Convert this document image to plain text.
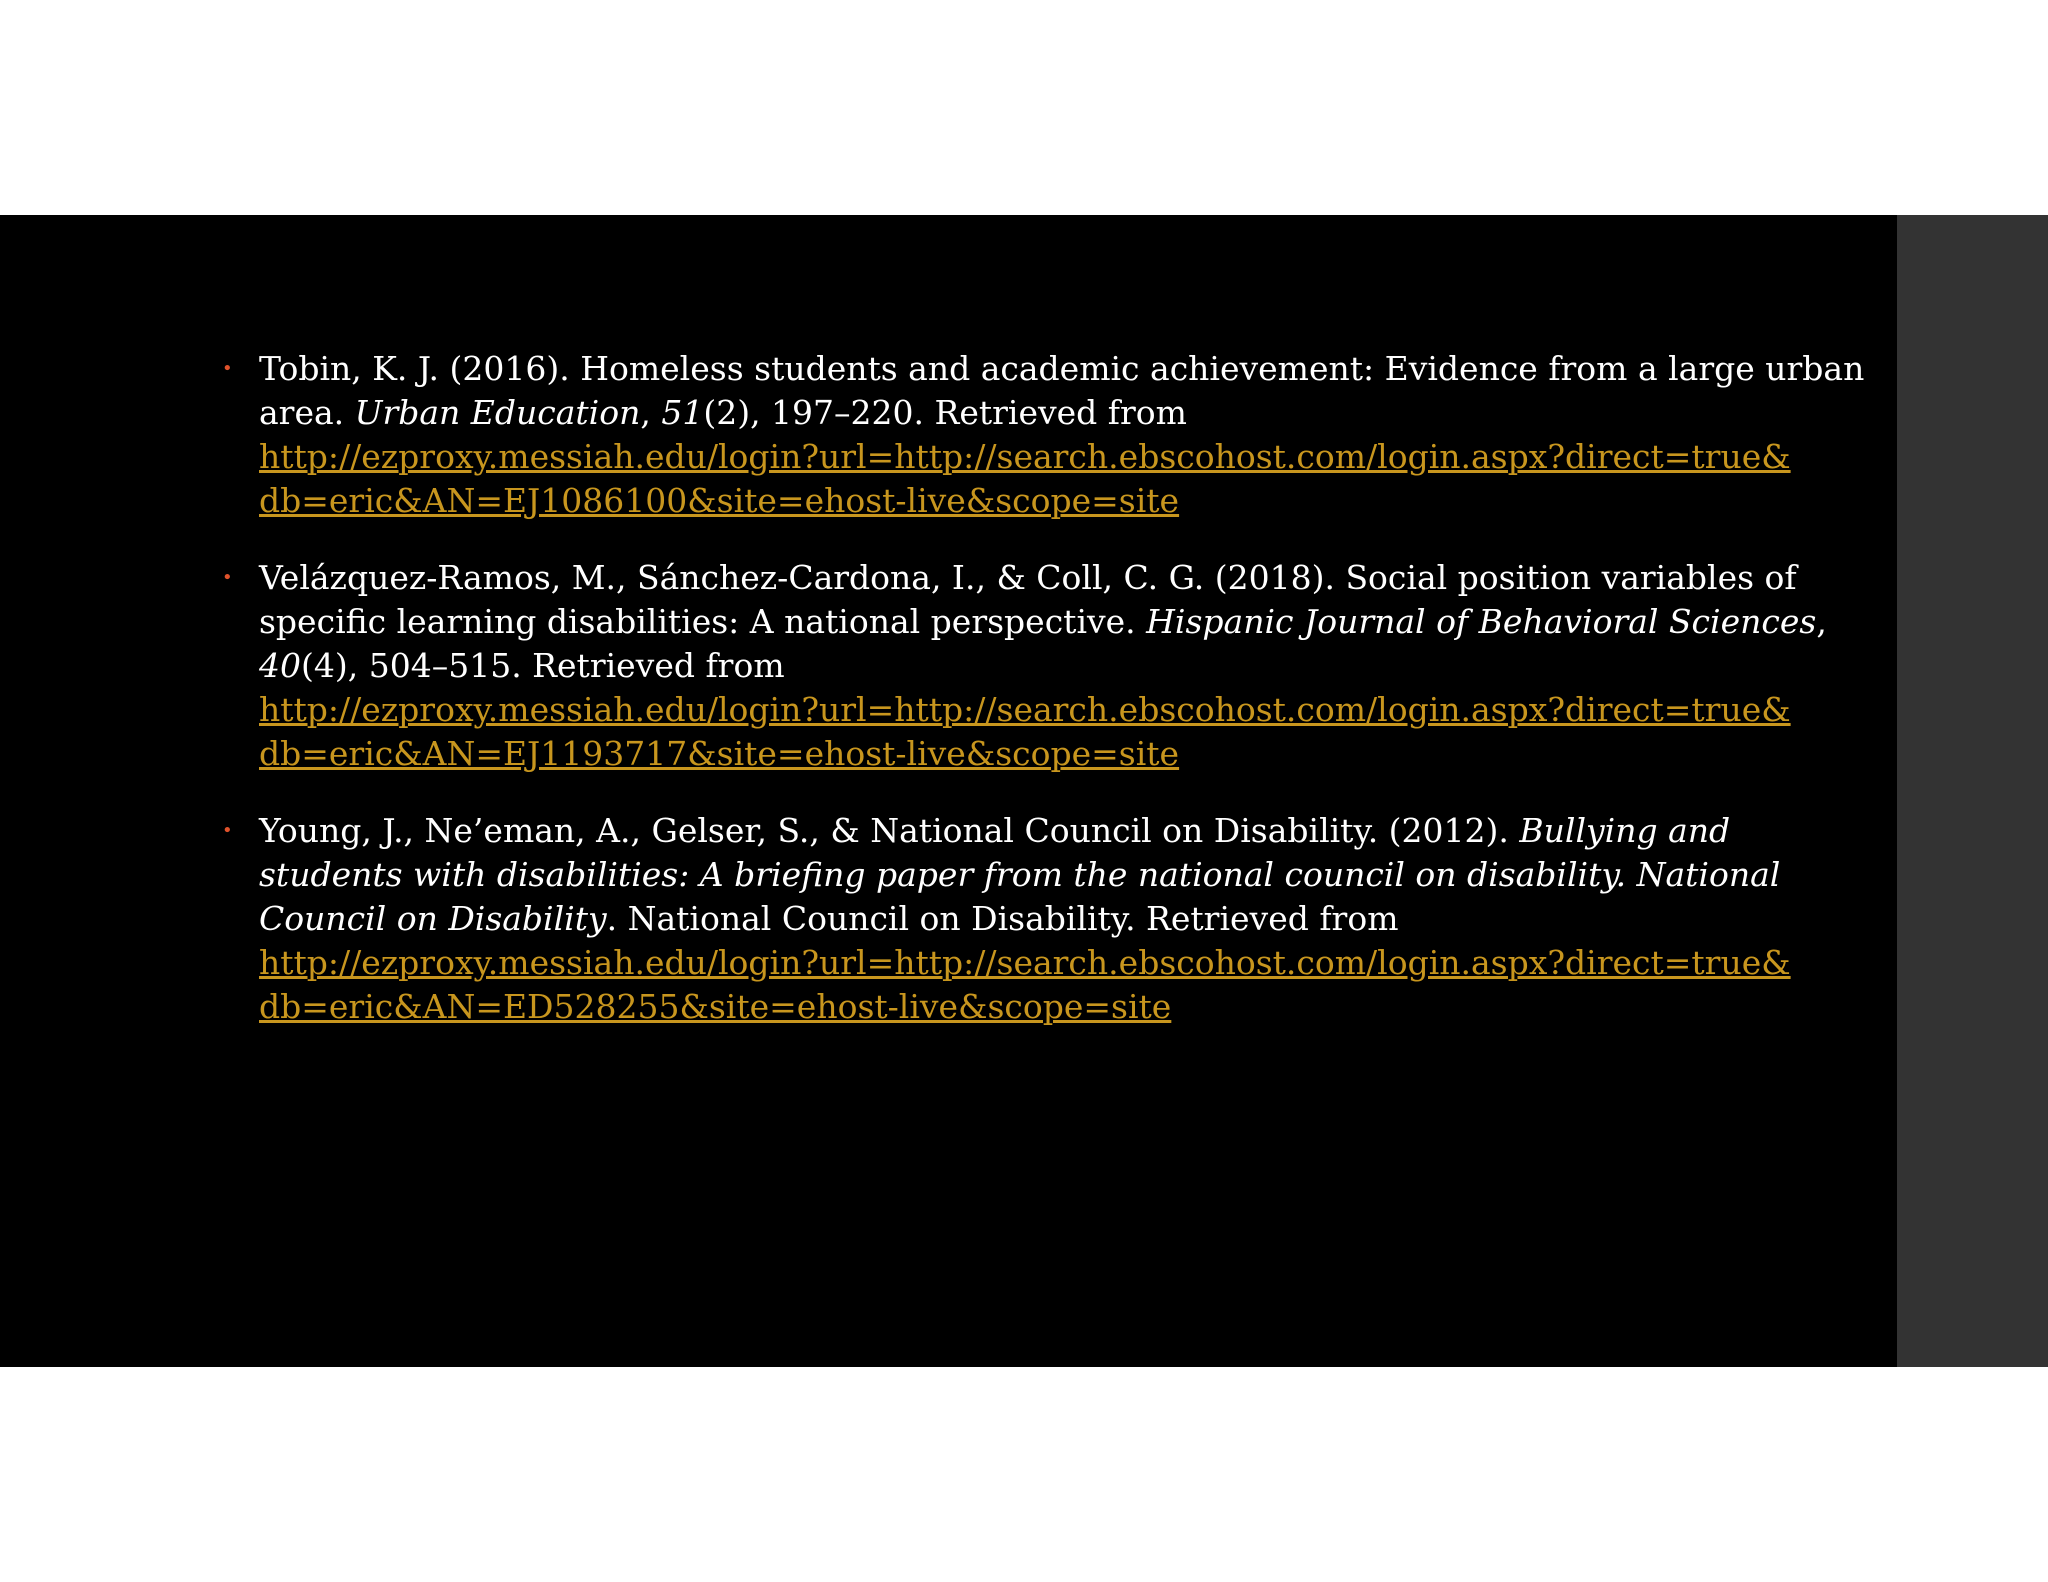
• Tobin, K. J. (2016). Homeless students and academic achievement: Evidence from a large urban area. Urban Education, 51(2), 197–220. Retrieved from
http://ezproxy.messiah.edu/login?url=http://search.ebscohost.com/login.aspx?direct=true&
db=eric&AN=EJ1086100&site=ehost-live&scope=site
• Velázquez-Ramos, M., Sánchez-Cardona, I., & Coll, C. G. (2018). Social position variables of specific learning disabilities: A national perspective. Hispanic Journal of Behavioral Sciences, 40(4), 504–515. Retrieved from
http://ezproxy.messiah.edu/login?url=http://search.ebscohost.com/login.aspx?direct=true&
db=eric&AN=EJ1193717&site=ehost-live&scope=site
• Young, J., Ne’eman, A., Gelser, S., & National Council on Disability. (2012). Bullying and students with disabilities: A briefing paper from the national council on disability. National Council on Disability. National Council on Disability. Retrieved from
http://ezproxy.messiah.edu/login?url=http://search.ebscohost.com/login.aspx?direct=true&
db=eric&AN=ED528255&site=ehost-live&scope=site
